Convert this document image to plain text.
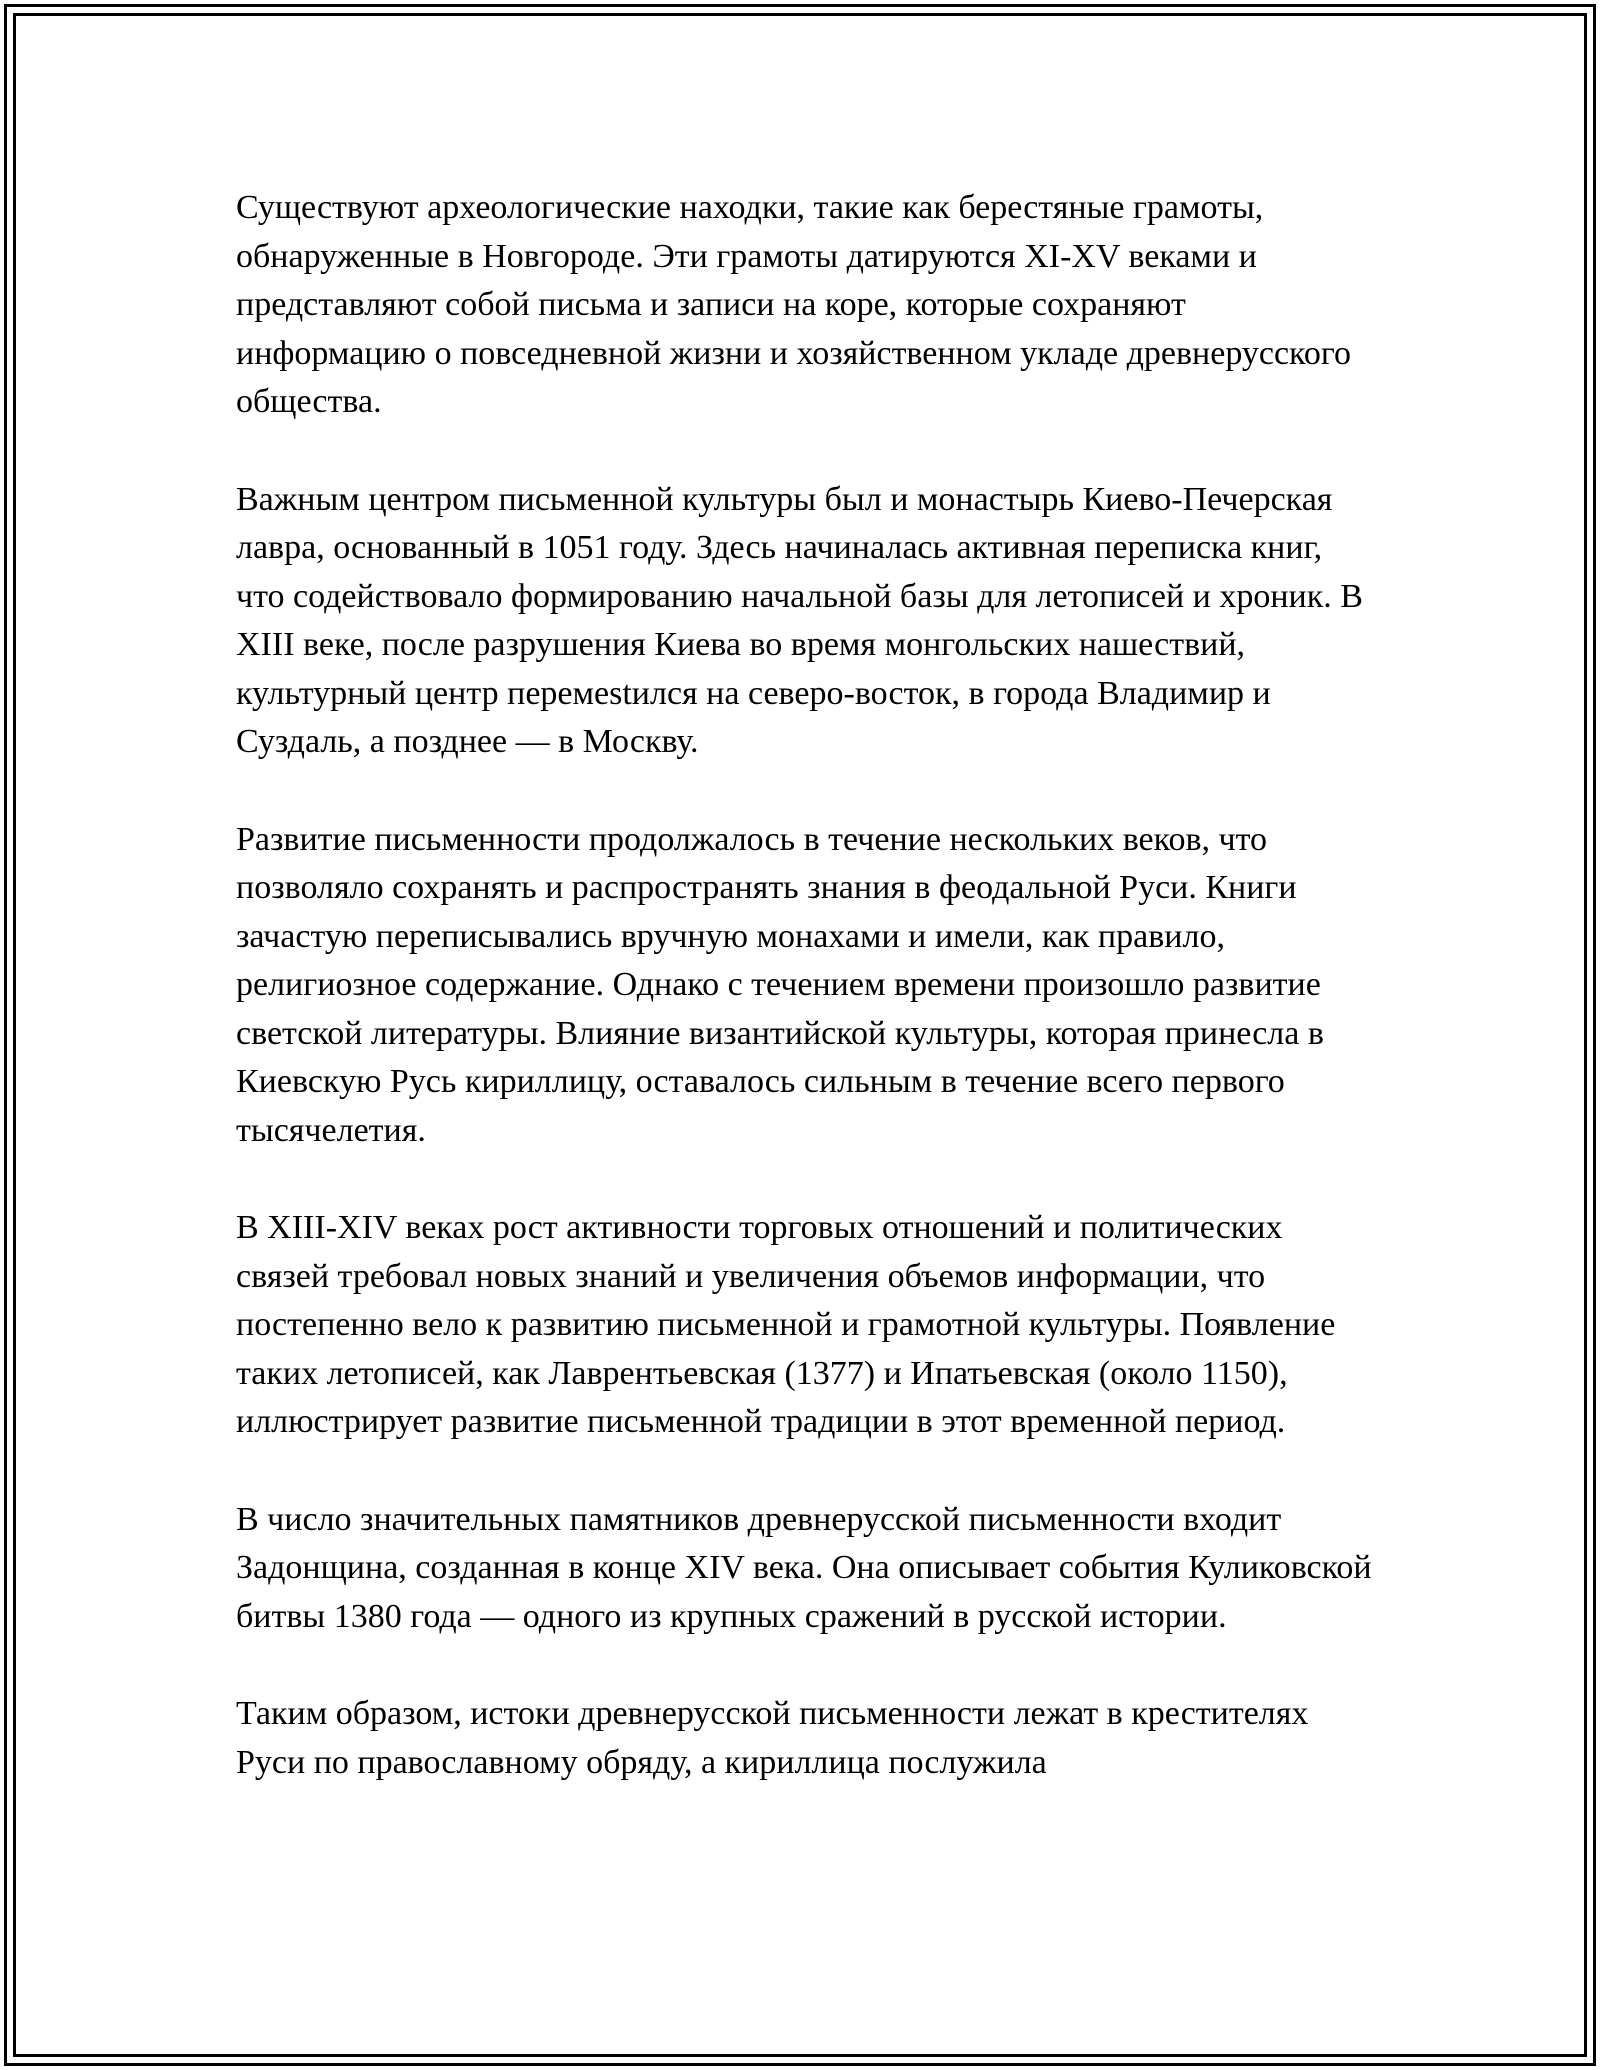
Существуют археологические находки, такие как берестяные грамоты, обнаруженные в Новгороде. Эти грамоты датируются XI-XV веками и представляют собой письма и записи на коре, которые сохраняют информацию о повседневной жизни и хозяйственном укладе древнерусского общества.

Важным центром письменной культуры был и монастырь Киево-Печерская лавра, основанный в 1051 году. Здесь начиналась активная переписка книг, что содействовало формированию начальной базы для летописей и хроник. В XIII веке, после разрушения Киева во время монгольских нашествий, культурный центр перемеstился на северо-восток, в города Владимир и Суздаль, а позднее — в Москву.

Развитие письменности продолжалось в течение нескольких веков, что позволяло сохранять и распространять знания в феодальной Руси. Книги зачастую переписывались вручную монахами и имели, как правило, религиозное содержание. Однако с течением времени произошло развитие светской литературы. Влияние византийской культуры, которая принесла в Киевскую Русь кириллицу, оставалось сильным в течение всего первого тысячелетия.

В XIII-XIV веках рост активности торговых отношений и политических связей требовал новых знаний и увеличения объемов информации, что постепенно вело к развитию письменной и грамотной культуры. Появление таких летописей, как Лаврентьевская (1377) и Ипатьевская (около 1150), иллюстрирует развитие письменной традиции в этот временной период.

В число значительных памятников древнерусской письменности входит Задонщина, созданная в конце XIV века. Она описывает события Куликовской битвы 1380 года — одного из крупных сражений в русской истории.

Таким образом, истоки древнерусской письменности лежат в крестителях Руси по православному обряду, а кириллица послужила
